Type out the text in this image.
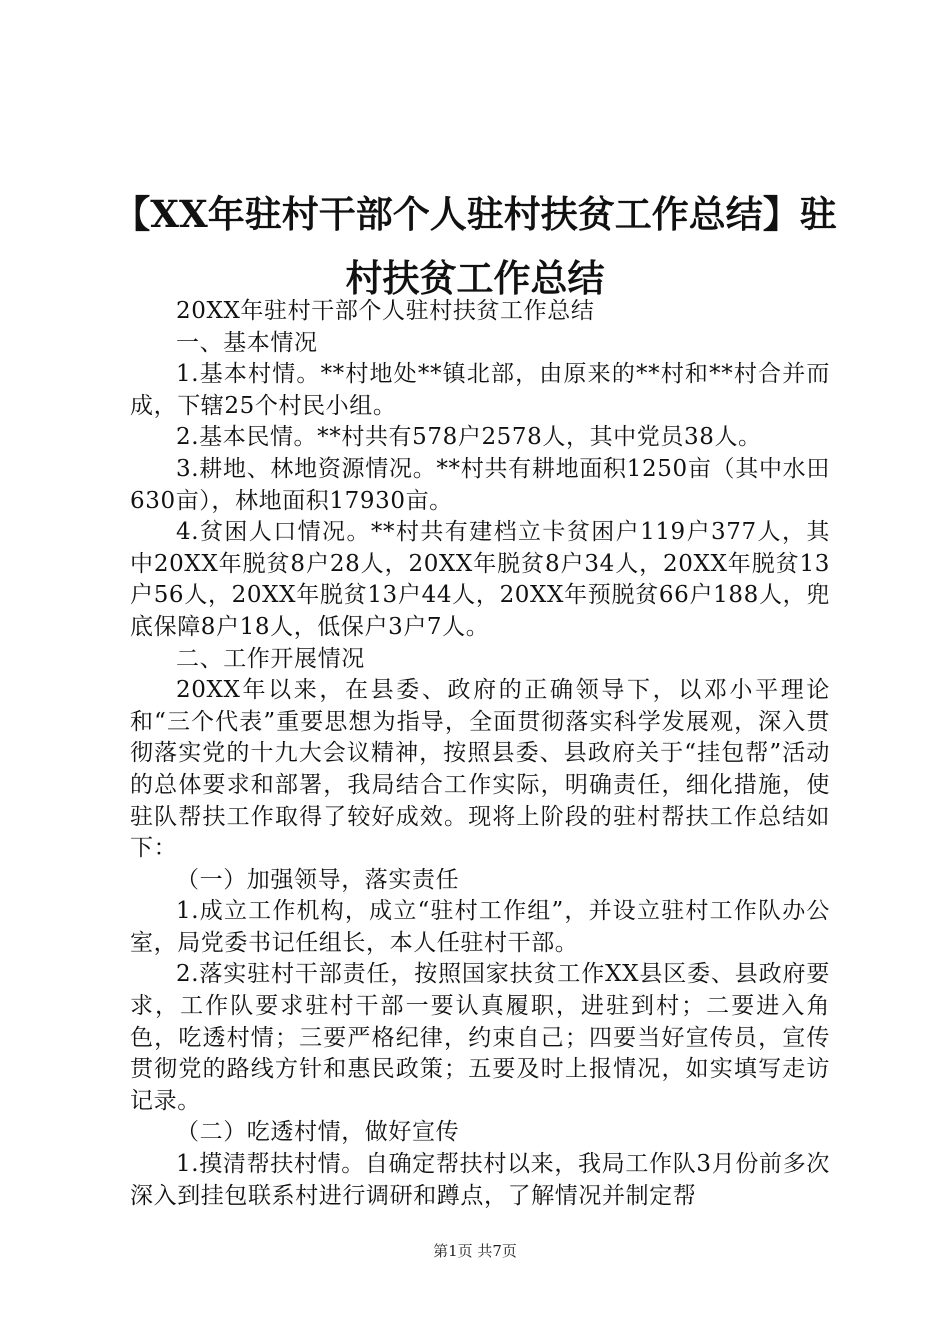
【XX年驻村干部个人驻村扶贫工作总结】驻
村扶贫工作总结

20XX年驻村干部个人驻村扶贫工作总结

一、基本情况

1.基本村情。**村地处**镇北部，由原来的**村和**村合并而成，下辖25个村民小组。

2.基本民情。**村共有578户2578人，其中党员38人。

3.耕地、林地资源情况。**村共有耕地面积1250亩（其中水田630亩），林地面积17930亩。

4.贫困人口情况。**村共有建档立卡贫困户119户377人，其中20XX年脱贫8户28人，20XX年脱贫8户34人，20XX年脱贫13户56人，20XX年脱贫13户44人，20XX年预脱贫66户188人，兜底保障8户18人，低保户3户7人。

二、工作开展情况

20XX年以来，在县委、政府的正确领导下，以邓小平理论和“三个代表”重要思想为指导，全面贯彻落实科学发展观，深入贯彻落实党的十九大会议精神，按照县委、县政府关于“挂包帮”活动的总体要求和部署，我局结合工作实际，明确责任，细化措施，使驻队帮扶工作取得了较好成效。现将上阶段的驻村帮扶工作总结如下：

（一）加强领导，落实责任

1.成立工作机构，成立“驻村工作组”，并设立驻村工作队办公室，局党委书记任组长，本人任驻村干部。

2.落实驻村干部责任，按照国家扶贫工作XX县区委、县政府要求，工作队要求驻村干部一要认真履职，进驻到村；二要进入角色，吃透村情；三要严格纪律，约束自己；四要当好宣传员，宣传贯彻党的路线方针和惠民政策；五要及时上报情况，如实填写走访记录。

（二）吃透村情，做好宣传

1.摸清帮扶村情。自确定帮扶村以来，我局工作队3月份前多次深入到挂包联系村进行调研和蹲点，了解情况并制定帮

第1页 共7页
